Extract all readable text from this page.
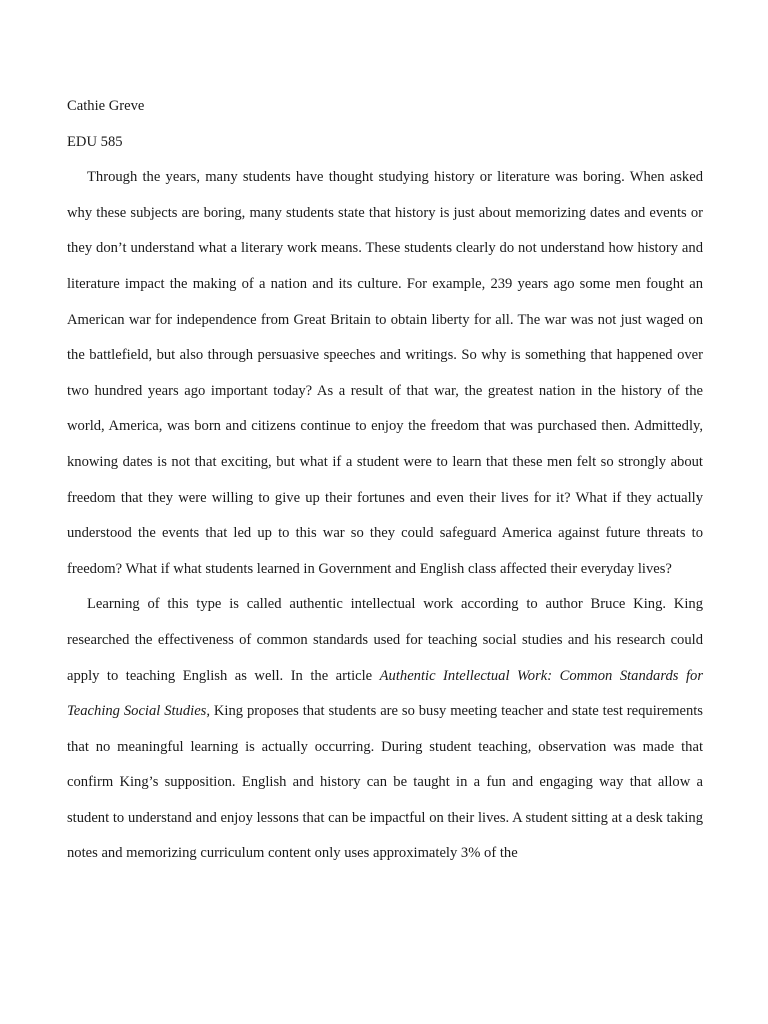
Cathie Greve

EDU 585

Through the years, many students have thought studying history or literature was boring. When asked why these subjects are boring, many students state that history is just about memorizing dates and events or they don’t understand what a literary work means. These students clearly do not understand how history and literature impact the making of a nation and its culture. For example, 239 years ago some men fought an American war for independence from Great Britain to obtain liberty for all. The war was not just waged on the battlefield, but also through persuasive speeches and writings. So why is something that happened over two hundred years ago important today? As a result of that war, the greatest nation in the history of the world, America, was born and citizens continue to enjoy the freedom that was purchased then. Admittedly, knowing dates is not that exciting, but what if a student were to learn that these men felt so strongly about freedom that they were willing to give up their fortunes and even their lives for it? What if they actually understood the events that led up to this war so they could safeguard America against future threats to freedom? What if what students learned in Government and English class affected their everyday lives?

Learning of this type is called authentic intellectual work according to author Bruce King. King researched the effectiveness of common standards used for teaching social studies and his research could apply to teaching English as well. In the article Authentic Intellectual Work: Common Standards for Teaching Social Studies, King proposes that students are so busy meeting teacher and state test requirements that no meaningful learning is actually occurring. During student teaching, observation was made that confirm King’s supposition. English and history can be taught in a fun and engaging way that allow a student to understand and enjoy lessons that can be impactful on their lives. A student sitting at a desk taking notes and memorizing curriculum content only uses approximately 3% of the
